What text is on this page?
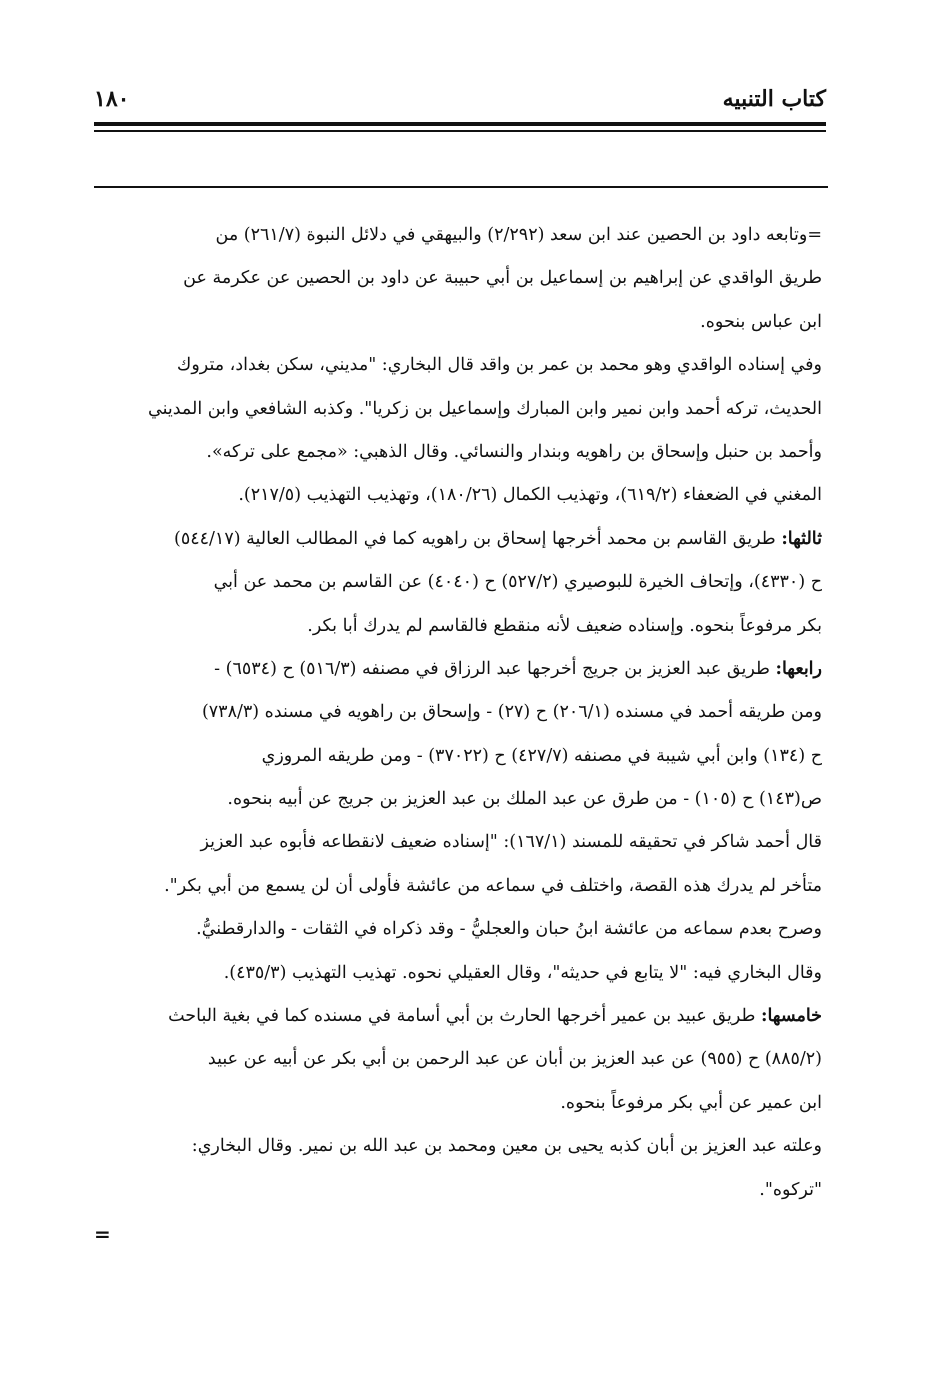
كتاب التنبيه
١٨٠
=وتابعه داود بن الحصين عند ابن سعد (٢/٢٩٢) والبيهقي في دلائل النبوة (٢٦١/٧) من
طريق الواقدي عن إبراهيم بن إسماعيل بن أبي حبيبة عن داود بن الحصين عن عكرمة عن
ابن عباس بنحوه.
وفي إسناده الواقدي وهو محمد بن عمر بن واقد قال البخاري: "مديني، سكن بغداد، متروك
الحديث، تركه أحمد وابن نمير وابن المبارك وإسماعيل بن زكريا". وكذبه الشافعي وابن المديني
وأحمد بن حنبل وإسحاق بن راهويه وبندار والنسائي. وقال الذهبي: «مجمع على تركه».
المغني في الضعفاء (٦١٩/٢)، وتهذيب الكمال (١٨٠/٢٦)، وتهذيب التهذيب (٢١٧/٥).
ثالثها: طريق القاسم بن محمد أخرجها إسحاق بن راهويه كما في المطالب العالية (٥٤٤/١٧)
ح (٤٣٣٠)، وإتحاف الخيرة للبوصيري (٥٢٧/٢) ح (٤٠٤٠) عن القاسم بن محمد عن أبي
بكر مرفوعاً بنحوه. وإسناده ضعيف لأنه منقطع فالقاسم لم يدرك أبا بكر.
رابعها: طريق عبد العزيز بن جريج أخرجها عبد الرزاق في مصنفه (٥١٦/٣) ح (٦٥٣٤) -
ومن طريقه أحمد في مسنده (٢٠٦/١) ح (٢٧) - وإسحاق بن راهويه في مسنده (٧٣٨/٣)
ح (١٣٤) وابن أبي شيبة في مصنفه (٤٢٧/٧) ح (٣٧٠٢٢) - ومن طريقه المروزي
ص(١٤٣) ح (١٠٥) - من طرق عن عبد الملك بن عبد العزيز بن جريج عن أبيه بنحوه.
قال أحمد شاكر في تحقيقه للمسند (١٦٧/١): "إسناده ضعيف لانقطاعه فأبوه عبد العزيز
متأخر لم يدرك هذه القصة، واختلف في سماعه من عائشة فأولى أن لن يسمع من أبي بكر".
وصرح بعدم سماعه من عائشة ابنُ حبان والعجليُّ - وقد ذكراه في الثقات - والدارقطنيُّ.
وقال البخاري فيه: "لا يتابع في حديثه"، وقال العقيلي نحوه. تهذيب التهذيب (٤٣٥/٣).
خامسها: طريق عبيد بن عمير أخرجها الحارث بن أبي أسامة في مسنده كما في بغية الباحث
(٨٨٥/٢) ح (٩٥٥) عن عبد العزيز بن أبان عن عبد الرحمن بن أبي بكر عن أبيه عن عبيد
ابن عمير عن أبي بكر مرفوعاً بنحوه.
وعلته عبد العزيز بن أبان كذبه يحيى بن معين ومحمد بن عبد الله بن نمير. وقال البخاري:
"تركوه".
=
